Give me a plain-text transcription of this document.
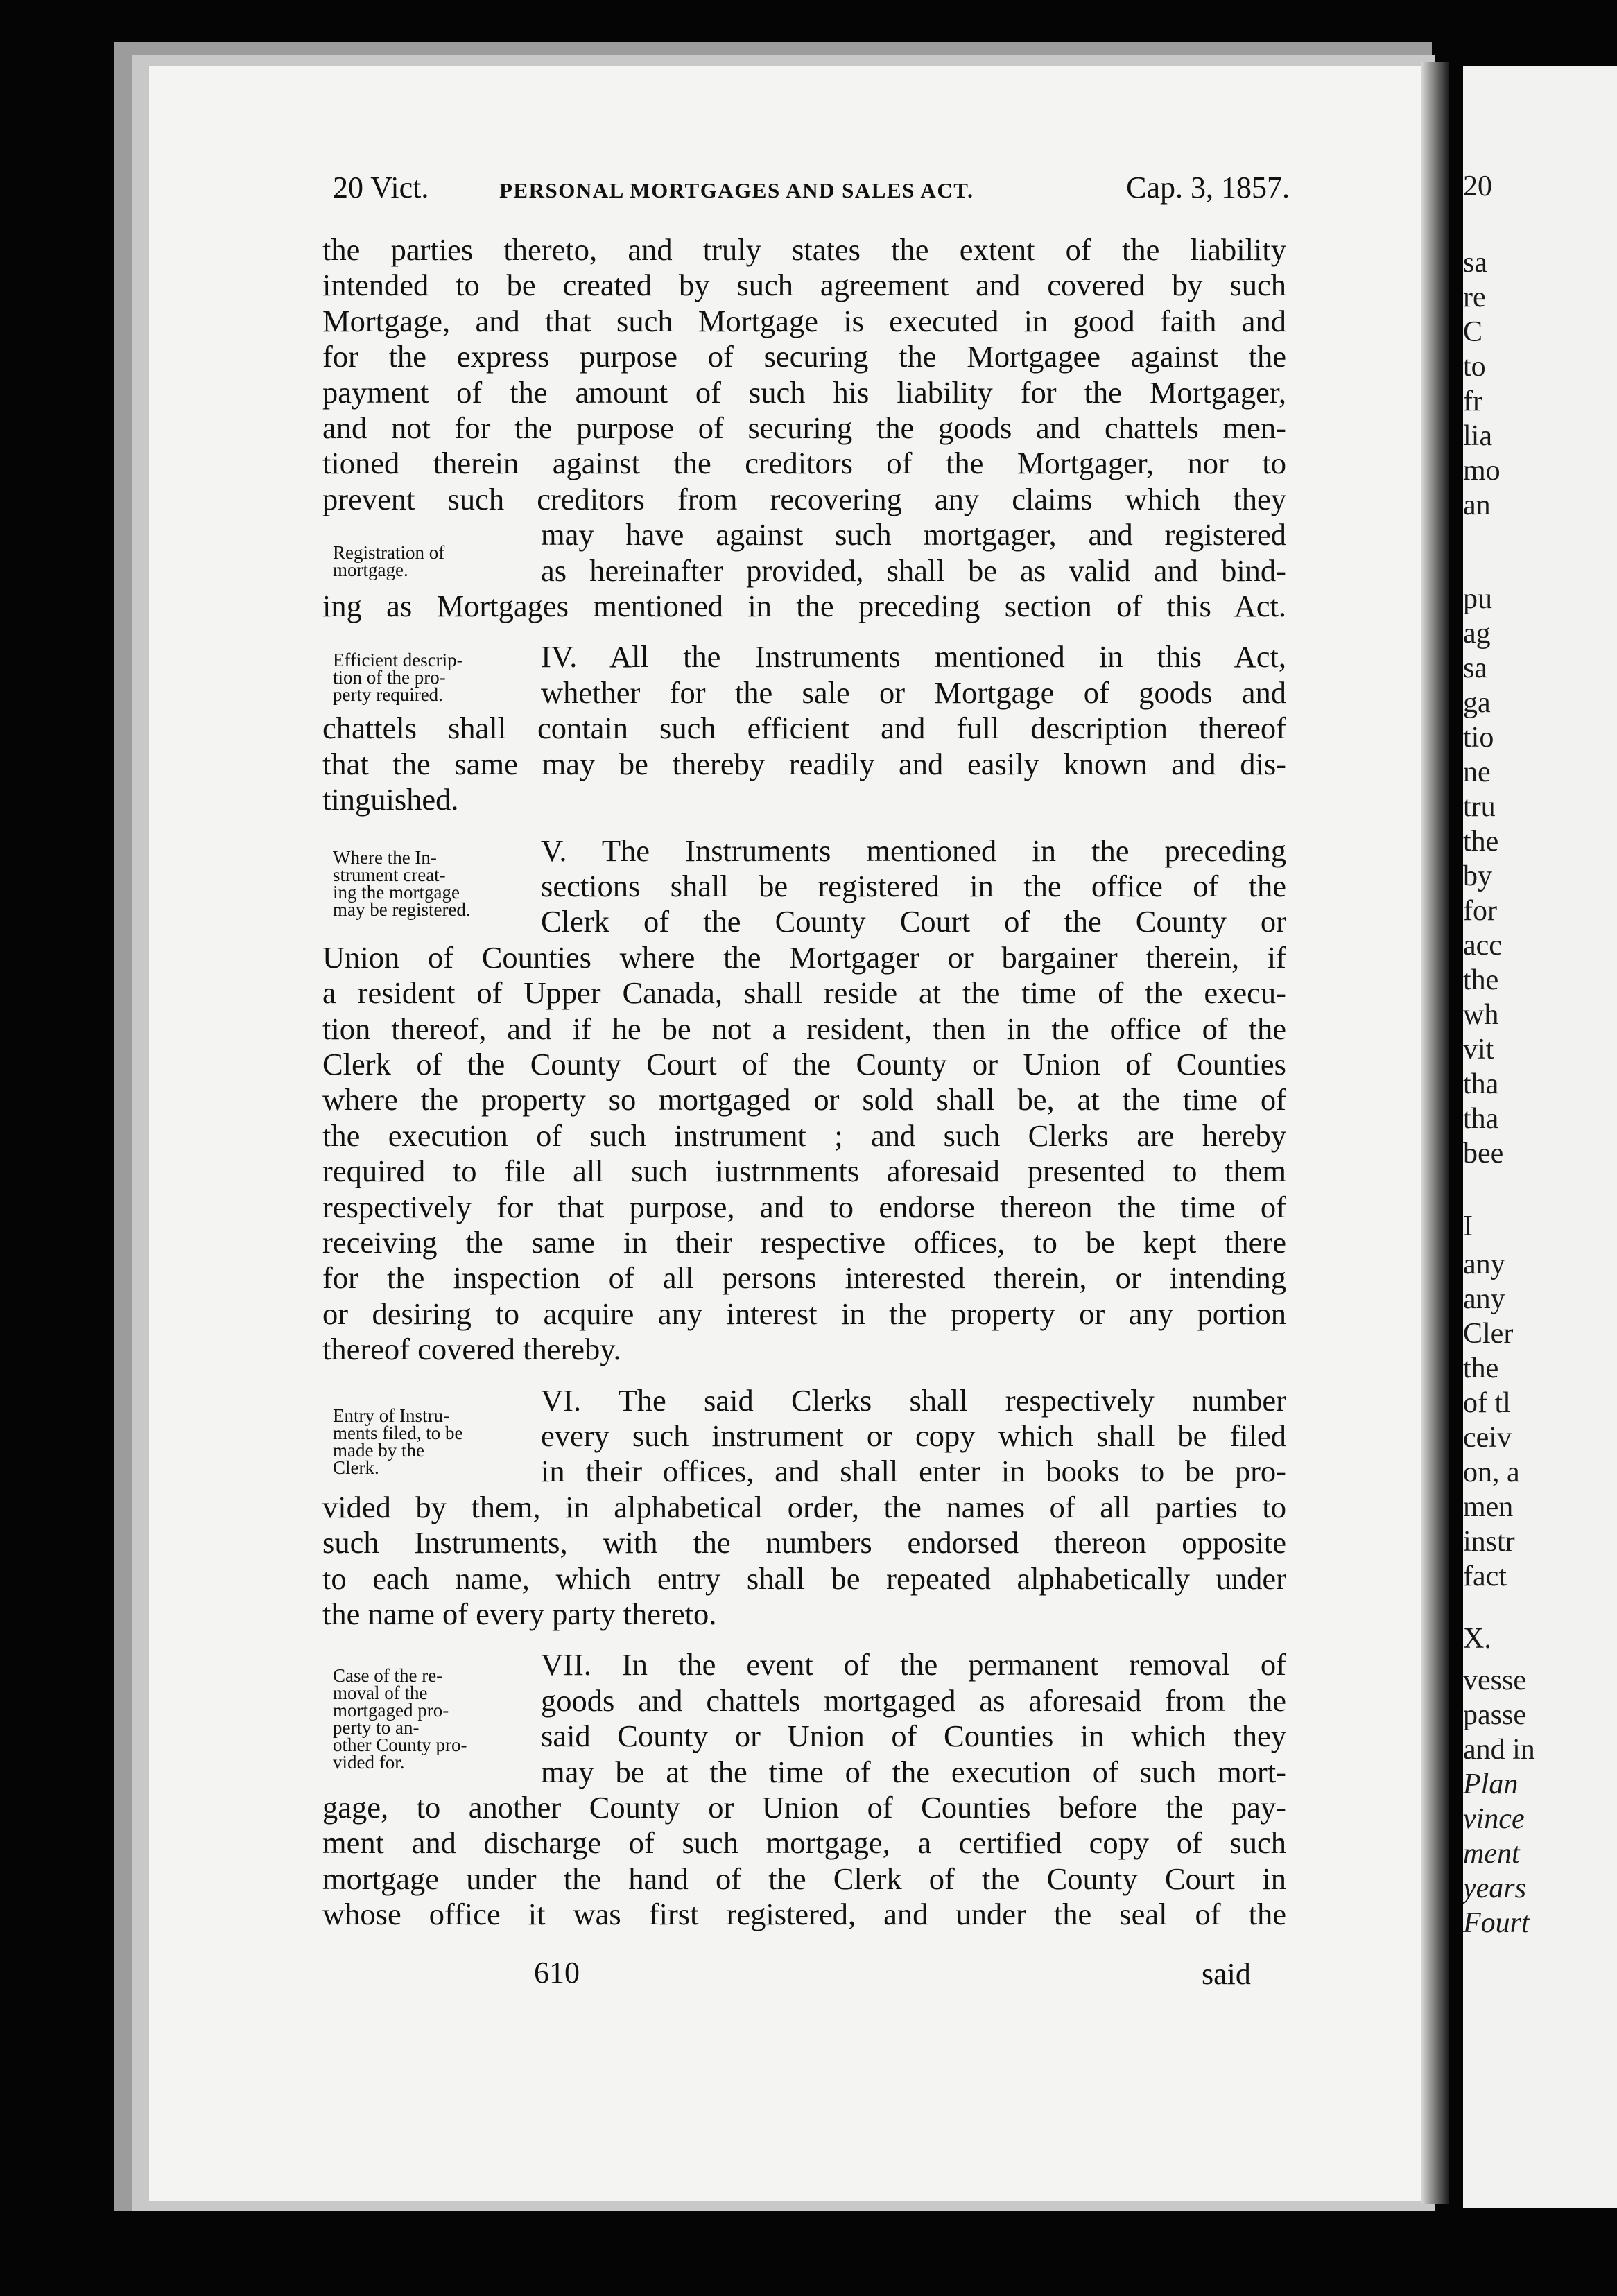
20
sa
re
C
to
fr
lia
mo
an
pu
ag
sa
ga
tio
ne
tru
the
by
for
acc
the
wh
vit
tha
tha
bee
I
any
any
Cler
the
of tl
ceiv
on, a
men
instr
fact
X.
vesse
passe
and in
Plan
vince
ment
years
Fourt
20 Vict.	PERSONAL MORTGAGES AND SALES ACT.	Cap. 3, 1857.
Registration of
mortgage.
Efficient descrip-
tion of the pro-
perty required.
Where the In-
strument creat-
ing the mortgage
may be registered.
Entry of Instru-
ments filed, to be
made by the
Clerk.
Case of the re-
moval of the
mortgaged pro-
perty to an-
other County pro-
vided for.
the parties thereto, and truly states the extent of the liability
intended to be created by such agreement and covered by such
Mortgage, and that such Mortgage is executed in good faith and
for the express purpose of securing the Mortgagee against the
payment of the amount of such his liability for the Mortgager,
and not for the purpose of securing the goods and chattels men-
tioned therein against the creditors of the Mortgager, nor to
prevent such creditors from recovering any claims which they
may have against such mortgager, and registered
as hereinafter provided, shall be as valid and bind-
ing as Mortgages mentioned in the preceding section of this Act.
IV. All the Instruments mentioned in this Act,
whether for the sale or Mortgage of goods and
chattels shall contain such efficient and full description thereof
that the same may be thereby readily and easily known and dis-
tinguished.
V. The Instruments mentioned in the preceding
sections shall be registered in the office of the
Clerk of the County Court of the County or
Union of Counties where the Mortgager or bargainer therein, if
a resident of Upper Canada, shall reside at the time of the execu-
tion thereof, and if he be not a resident, then in the office of the
Clerk of the County Court of the County or Union of Counties
where the property so mortgaged or sold shall be, at the time of
the execution of such instrument ; and such Clerks are hereby
required to file all such iustrnments aforesaid presented to them
respectively for that purpose, and to endorse thereon the time of
receiving the same in their respective offices, to be kept there
for the inspection of all persons interested therein, or intending
or desiring to acquire any interest in the property or any portion
thereof covered thereby.
VI. The said Clerks shall respectively number
every such instrument or copy which shall be filed
in their offices, and shall enter in books to be pro-
vided by them, in alphabetical order, the names of all parties to
such Instruments, with the numbers endorsed thereon opposite
to each name, which entry shall be repeated alphabetically under
the name of every party thereto.
VII. In the event of the permanent removal of
goods and chattels mortgaged as aforesaid from the
said County or Union of Counties in which they
may be at the time of the execution of such mort-
gage, to another County or Union of Counties before the pay-
ment and discharge of such mortgage, a certified copy of such
mortgage under the hand of the Clerk of the County Court in
whose office it was first registered, and under the seal of the
610	said
